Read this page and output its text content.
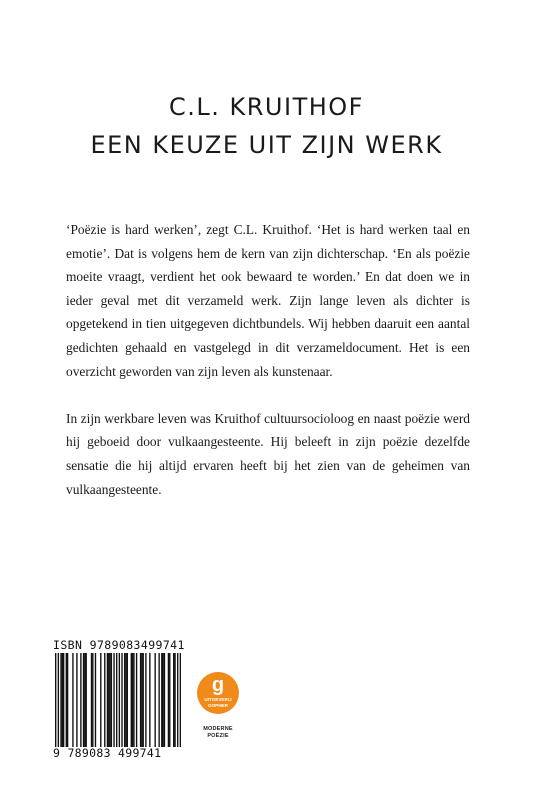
C.L. KRUITHOF
EEN KEUZE UIT ZIJN WERK

‘Poëzie is hard werken’, zegt C.L. Kruithof. ‘Het is hard werken taal en emotie’. Dat is volgens hem de kern van zijn dichterschap. ‘En als poëzie moeite vraagt, verdient het ook bewaard te worden.’ En dat doen we in ieder geval met dit verzameld werk. Zijn lange leven als dichter is opgetekend in tien uitgegeven dichtbundels. Wij hebben daaruit een aantal gedichten gehaald en vastgelegd in dit verzameldocument. Het is een overzicht geworden van zijn leven als kunstenaar.

In zijn werkbare leven was Kruithof cultuursocioloog en naast poëzie werd hij geboeid door vulkaangesteente. Hij beleeft in zijn poëzie dezelfde sensatie die hij altijd ervaren heeft bij het zien van de geheimen van vulkaangesteente.

ISBN 9789083499741
9 789083 499741
g
UITGEVERIJ
GOPHER
MODERNE
POËZIE
